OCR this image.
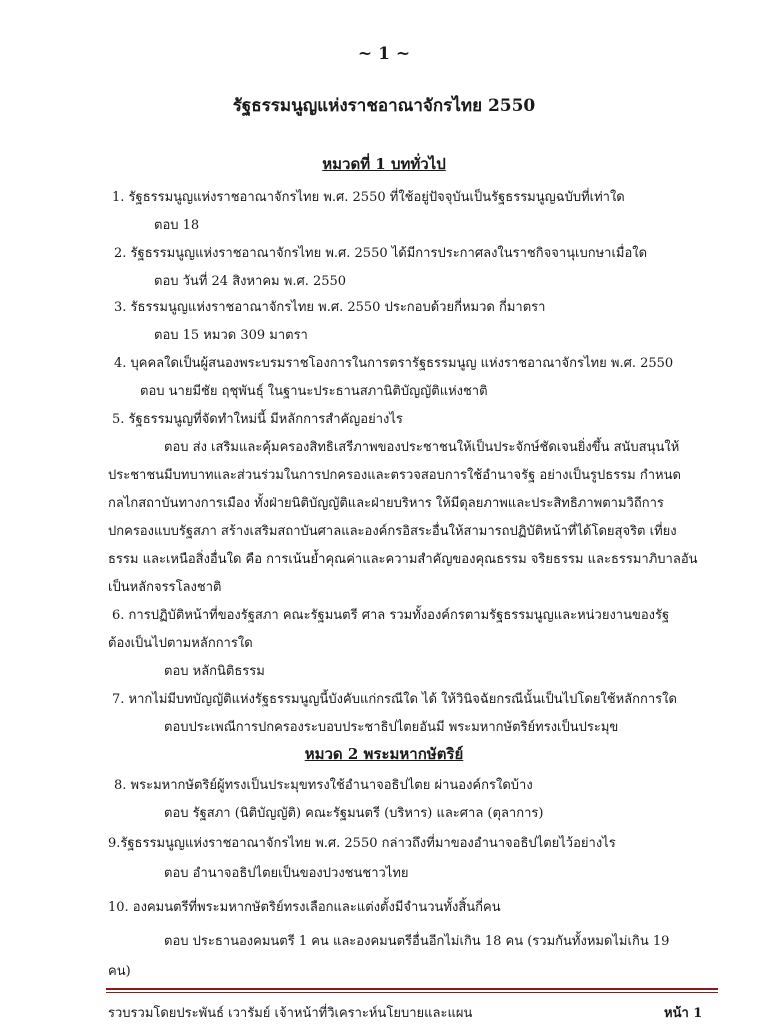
~ 1 ~
รัฐธรรมนูญแห่งราชอาณาจักรไทย 2550
หมวดที่ 1 บททั่วไป
1. รัฐธรรมนูญแห่งราชอาณาจักรไทย พ.ศ. 2550 ที่ใช้อยู่ปัจจุบันเป็นรัฐธรรมนูญฉบับที่เท่าใด
ตอบ 18
2. รัฐธรรมนูญแห่งราชอาณาจักรไทย พ.ศ. 2550 ได้มีการประกาศลงในราชกิจจานุเบกษาเมื่อใด
ตอบ วันที่ 24 สิงหาคม พ.ศ. 2550
3. รัธรรมนูญแห่งราชอาณาจักรไทย พ.ศ. 2550 ประกอบด้วยกี่หมวด กี่มาตรา
ตอบ 15 หมวด 309 มาตรา
4. บุคคลใดเป็นผู้สนองพระบรมราชโองการในการตรารัฐธรรมนูญ แห่งราชอาณาจักรไทย พ.ศ. 2550
ตอบ นายมีชัย ฤชุพันธุ์ ในฐานะประธานสภานิติบัญญัติแห่งชาติ
5. รัฐธรรมนูญที่จัดทำใหม่นี้ มีหลักการสำคัญอย่างไร
ตอบ ส่ง เสริมและคุ้มครองสิทธิเสรีภาพของประชาชนให้เป็นประจักษ์ชัดเจนยิ่งขึ้น สนับสนุนให้
ประชาชนมีบทบาทและส่วนร่วมในการปกครองและตรวจสอบการใช้อำนาจรัฐ อย่างเป็นรูปธรรม กำหนด
กลไกสถาบันทางการเมือง ทั้งฝ่ายนิติบัญญัติและฝ่ายบริหาร ให้มีดุลยภาพและประสิทธิภาพตามวิถีการ
ปกครองแบบรัฐสภา สร้างเสริมสถาบันศาลและองค์กรอิสระอื่นให้สามารถปฏิบัติหน้าที่ได้โดยสุจริต เที่ยง
ธรรม และเหนือสิ่งอื่นใด คือ การเน้นย้ำคุณค่าและความสำคัญของคุณธรรม จริยธรรม และธรรมาภิบาลอัน
เป็นหลักจรรโลงชาติ
6. การปฏิบัติหน้าที่ของรัฐสภา คณะรัฐมนตรี ศาล รวมทั้งองค์กรตามรัฐธรรมนูญและหน่วยงานของรัฐ
ต้องเป็นไปตามหลักการใด
ตอบ หลักนิติธรรม
7. หากไม่มีบทบัญญัติแห่งรัฐธรรมนูญนี้บังคับแก่กรณีใด ได้ ให้วินิจฉัยกรณีนั้นเป็นไปโดยใช้หลักการใด
ตอบประเพณีการปกครองระบอบประชาธิปไตยอันมี พระมหากษัตริย์ทรงเป็นประมุข
หมวด 2 พระมหากษัตริย์
8. พระมหากษัตริย์ผู้ทรงเป็นประมุขทรงใช้อำนาจอธิปไตย ผ่านองค์กรใดบ้าง
ตอบ รัฐสภา (นิติบัญญัติ) คณะรัฐมนตรี (บริหาร) และศาล (ตุลาการ)
9.รัฐธรรมนูญแห่งราชอาณาจักรไทย พ.ศ. 2550 กล่าวถึงที่มาของอำนาจอธิปไตยไว้อย่างไร
ตอบ อำนาจอธิปไตยเป็นของปวงชนชาวไทย
10. องคมนตรีที่พระมหากษัตริย์ทรงเลือกและแต่งตั้งมีจำนวนทั้งสิ้นกี่คน
ตอบ ประธานองคมนตรี 1 คน และองคมนตรีอื่นอีกไม่เกิน 18 คน (รวมกันทั้งหมดไม่เกิน 19
คน)
รวบรวมโดยประพันธ์ เวารัมย์ เจ้าหน้าที่วิเคราะห์นโยบายและแผน	หน้า 1
